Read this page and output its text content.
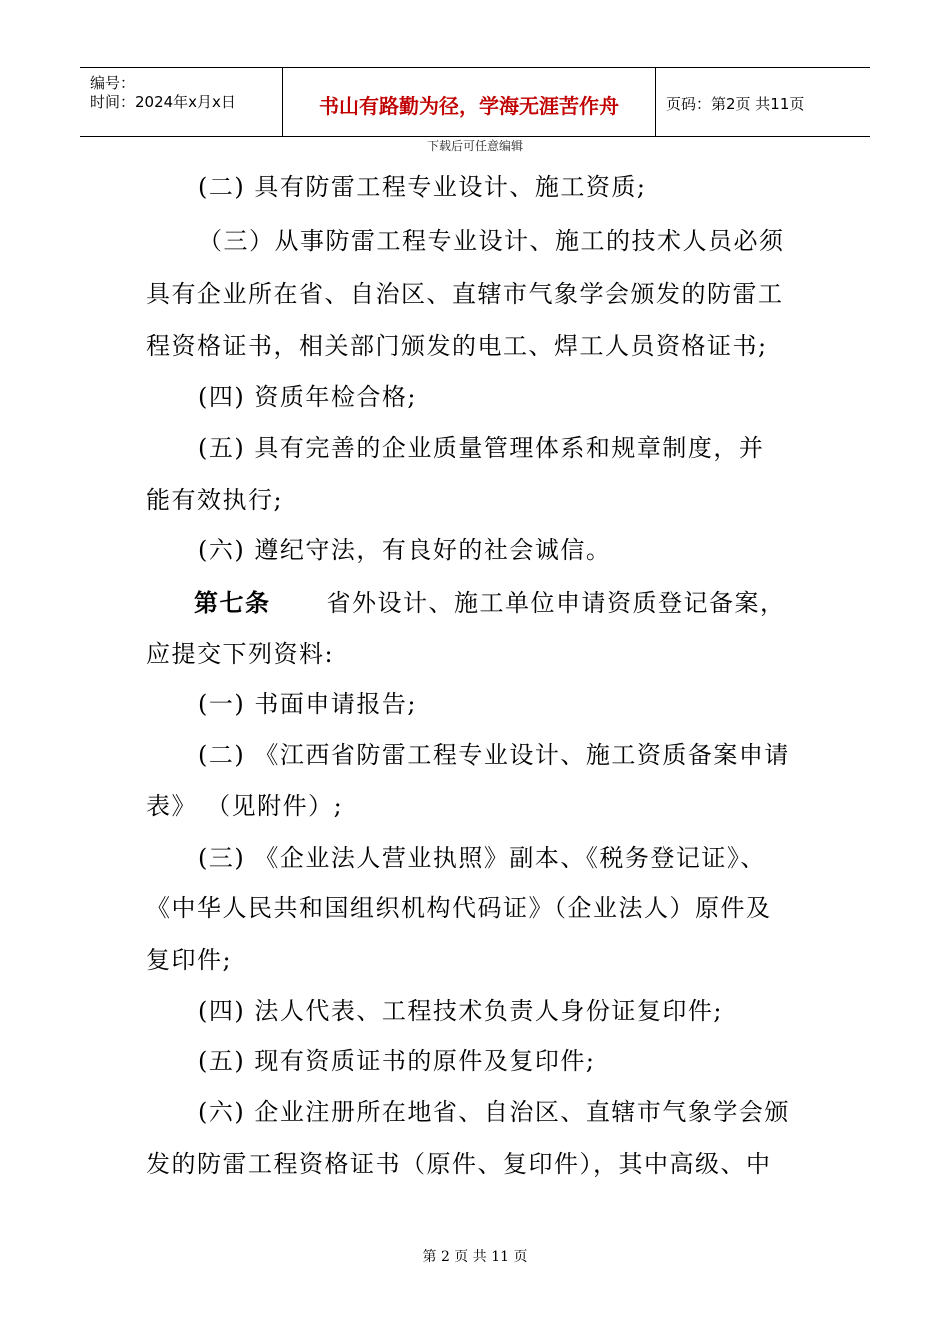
编号：
时间：2024年x月x日	书山有路勤为径，学海无涯苦作舟	页码：第2页 共11页
下载后可任意编辑
(二) 具有防雷工程专业设计、施工资质;
（三）从事防雷工程专业设计、施工的技术人员必须
具有企业所在省、自治区、直辖市气象学会颁发的防雷工
程资格证书，相关部门颁发的电工、焊工人员资格证书;
(四) 资质年检合格;
(五) 具有完善的企业质量管理体系和规章制度，并
能有效执行;
(六) 遵纪守法，有良好的社会诚信。
第七条 省外设计、施工单位申请资质登记备案，
应提交下列资料:
(一) 书面申请报告;
(二) 《江西省防雷工程专业设计、施工资质备案申请
表》 （见附件）;
(三) 《企业法人营业执照》副本、《税务登记证》、
《中华人民共和国组织机构代码证》（企业法人）原件及
复印件;
(四) 法人代表、工程技术负责人身份证复印件;
(五) 现有资质证书的原件及复印件;
(六) 企业注册所在地省、自治区、直辖市气象学会颁
发的防雷工程资格证书（原件、复印件），其中高级、中
第 2 页 共 11 页
